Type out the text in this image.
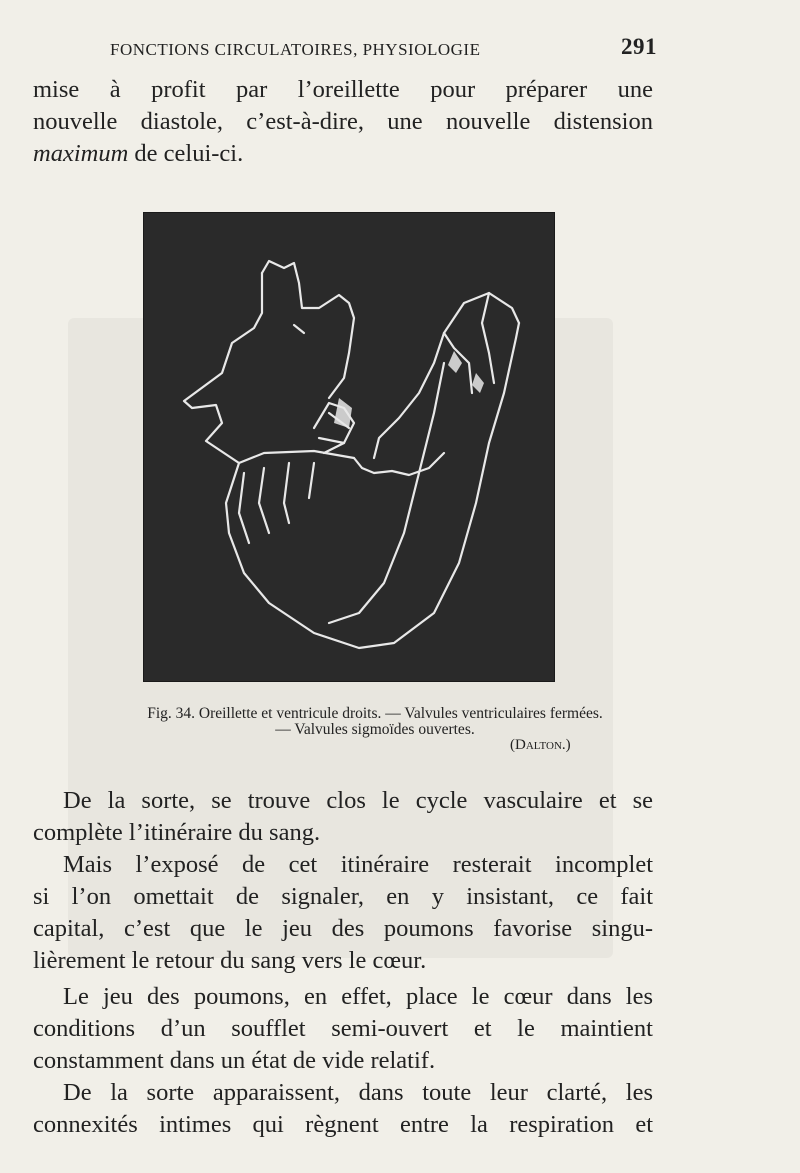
FONCTIONS CIRCULATOIRES, PHYSIOLOGIE	291
mise à profit par l’oreillette pour préparer une
nouvelle diastole, c’est-à-dire, une nouvelle distension
maximum de celui-ci.
Fig. 34. Oreillette et ventricule droits. — Valvules ventriculaires fermées.
— Valvules sigmoïdes ouvertes.
(Dalton.)
De la sorte, se trouve clos le cycle vasculaire et se
complète l’itinéraire du sang.
Mais l’exposé de cet itinéraire resterait incomplet
si l’on omettait de signaler, en y insistant, ce fait
capital, c’est que le jeu des poumons favorise singu-
lièrement le retour du sang vers le cœur.
Le jeu des poumons, en effet, place le cœur dans les
conditions d’un soufflet semi-ouvert et le maintient
constamment dans un état de vide relatif.
De la sorte apparaissent, dans toute leur clarté, les
connexités intimes qui règnent entre la respiration et
